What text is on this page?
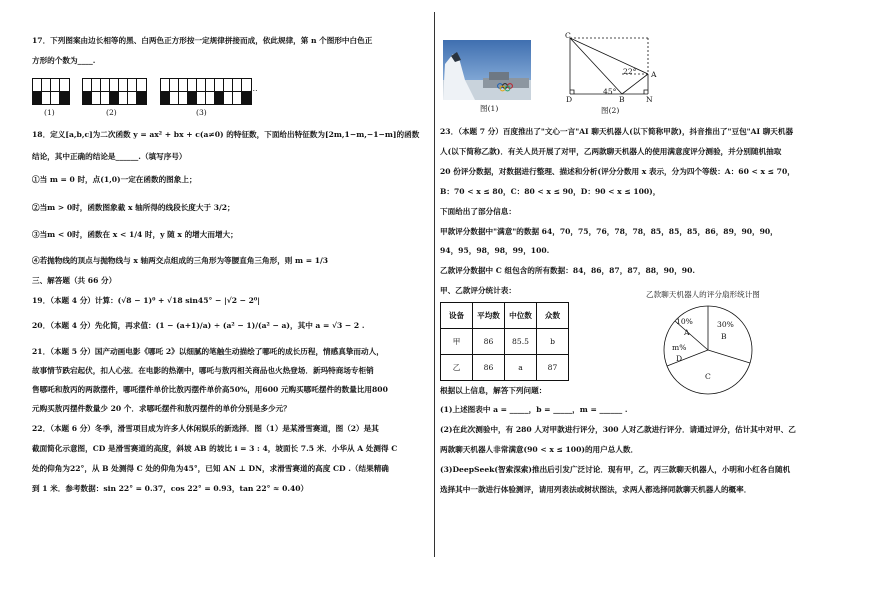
17．下列图案由边长相等的黑、白两色正方形按一定规律拼接而成，依此规律，第 n 个图形中白色正
方形的个数为____.
(1)	(2)	(3)
…
18．定义[a,b,c]为二次函数 y = ax² + bx + c(a≠0) 的特征数，下面给出特征数为[2m,1−m,−1−m]的函数
结论，其中正确的结论是______.（填写序号）
①当 m = 0 时，点(1,0)一定在函数的图象上；
②当m > 0时，函数图象截 x 轴所得的线段长度大于 3/2；
③当m < 0时，函数在 x < 1/4 时，y 随 x 的增大而增大；
④若抛物线的顶点与抛物线与 x 轴两交点组成的三角形为等腰直角三角形，则 m = 1/3
三、解答题（共 66 分）
19．（本题 4 分）计算：(√8 − 1)⁰ + √18 sin45° − |√2 − 2⁰|
20．（本题 4 分）先化简，再求值：(1 − (a+1)/a) ÷ (a² − 1)/(a² − a)，其中 a = √3 − 2 .
21．（本题 5 分）国产动画电影《哪吒 2》以细腻的笔触生动描绘了哪吒的成长历程，情感真挚而动人，
故事情节跌宕起伏，扣人心弦．在电影的热潮中，哪吒与敖丙相关商品也火热登场．新玛特商场专柜销
售哪吒和敖丙的两款摆件，哪吒摆件单价比敖丙摆件单价高50%，用600 元购买哪吒摆件的数量比用800
元购买敖丙摆件数量少 20 个．求哪吒摆件和敖丙摆件的单价分别是多少元？
22．（本题 6 分）冬季，滑雪项目成为许多人休闲娱乐的新选择．图（1）是某滑雪赛道，图（2）是其
截面简化示意图，CD 是滑雪赛道的高度，斜坡 AB 的坡比 i = 3 : 4，坡面长 7.5 米．小华从 A 处测得 C
处的仰角为22°，从 B 处测得 C 处的仰角为45°，已知 AN ⊥ DN，求滑雪赛道的高度 CD .（结果精确
到 1 米．参考数据：sin 22° = 0.37，cos 22° = 0.93，tan 22° ≈ 0.40）
图(1)
C
A
D	B	N
22°
45°
图(2)
23．（本题 7 分）百度推出了"文心一言"AI 聊天机器人(以下简称甲款)，抖音推出了"豆包"AI 聊天机器
人(以下简称乙款)．有关人员开展了对甲，乙两款聊天机器人的使用满意度评分测验，并分别随机抽取
20 份评分数据，对数据进行整理、描述和分析(评分分数用 x 表示，分为四个等级：A：60 < x ≤ 70，
B：70 < x ≤ 80，C：80 < x ≤ 90，D：90 < x ≤ 100)，
下面给出了部分信息：
甲款评分数据中"满意"的数据 64，70，75，76，78，78，85，85，85，86，89，90，90，
94，95，98，98，99，100.
乙款评分数据中 C 组包含的所有数据：84，86，87，87，88，90，90.
甲、乙款评分统计表：
设备	平均数	中位数	众数
甲	86	85.5	b
乙	86	a	87
乙款聊天机器人的评分扇形统计图
10%
A
30%
B
m%
D
C
根据以上信息，解答下列问题：
(1)上述图表中 a = _____，b = _____，m = ______ .
(2)在此次测验中，有 280 人对甲款进行评分，300 人对乙款进行评分．请通过评分，估计其中对甲、乙
两款聊天机器人非常满意(90 < x ≤ 100)的用户总人数．
(3)DeepSeek(智索深索)推出后引发广泛讨论．现有甲，乙，丙三款聊天机器人，小明和小红各自随机
选择其中一款进行体验测评，请用列表法或树状图法，求两人都选择同款聊天机器人的概率．
